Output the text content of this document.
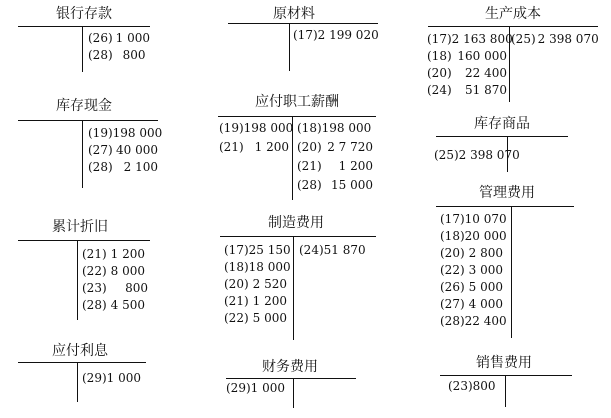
银行存款
(26) 1 000
(28) 800
原材料
(17)2 199 020
生产成本
(17)2 163 800
(18) 160 000
(20) 22 400
(24) 51 870
(25) 2 398 070
库存现金
(19)198 000
(27) 40 000
(28) 2 100
应付职工薪酬
(19)198 000
(21) 1 200
(18)198 000
(20) 2 7 720
(21) 1 200
(28) 15 000
库存商品
(25)2 398 070
累计折旧
(21) 1 200
(22) 8 000
(23) 800
(28) 4 500
制造费用
(17)25 150
(18)18 000
(20) 2 520
(21) 1 200
(22) 5 000
(24)51 870
管理费用
(17)10 070
(18)20 000
(20) 2 800
(22) 3 000
(26) 5 000
(27) 4 000
(28)22 400
应付利息
(29)1 000
财务费用
(29)1 000
销售费用
(23)800
